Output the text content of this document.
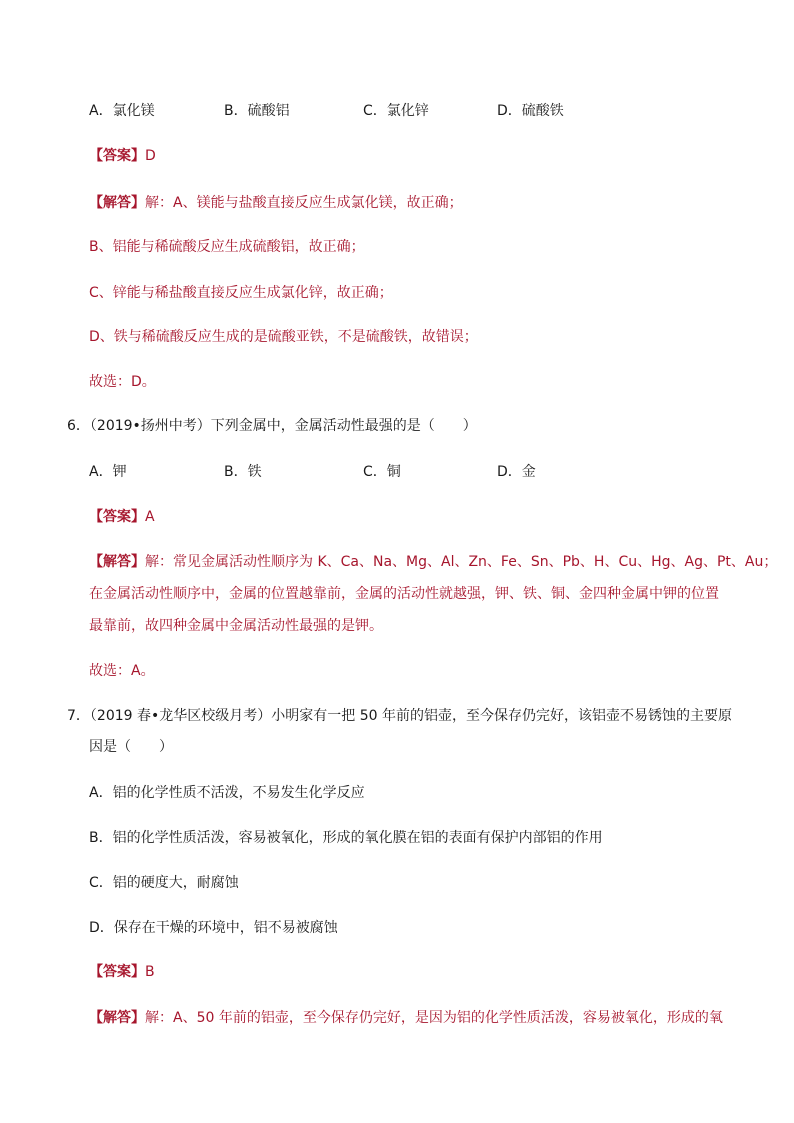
A．氯化镁	B．硫酸铝	C．氯化锌	D．硫酸铁
【答案】D
【解答】解：A、镁能与盐酸直接反应生成氯化镁，故正确；
B、铝能与稀硫酸反应生成硫酸铝，故正确；
C、锌能与稀盐酸直接反应生成氯化锌，故正确；
D、铁与稀硫酸反应生成的是硫酸亚铁，不是硫酸铁，故错误；
故选：D。
6．（2019•扬州中考）下列金属中，金属活动性最强的是（　　）
A．钾	B．铁	C．铜	D．金
【答案】A
【解答】解：常见金属活动性顺序为 K、Ca、Na、Mg、Al、Zn、Fe、Sn、Pb、H、Cu、Hg、Ag、Pt、Au；
在金属活动性顺序中，金属的位置越靠前，金属的活动性就越强，钾、铁、铜、金四种金属中钾的位置
最靠前，故四种金属中金属活动性最强的是钾。
故选：A。
7．（2019 春•龙华区校级月考）小明家有一把 50 年前的铝壶，至今保存仍完好，该铝壶不易锈蚀的主要原
因是（　　）
A．铝的化学性质不活泼，不易发生化学反应
B．铝的化学性质活泼，容易被氧化，形成的氧化膜在铝的表面有保护内部铝的作用
C．铝的硬度大，耐腐蚀
D．保存在干燥的环境中，铝不易被腐蚀
【答案】B
【解答】解：A、50 年前的铝壶，至今保存仍完好，是因为铝的化学性质活泼，容易被氧化，形成的氧
